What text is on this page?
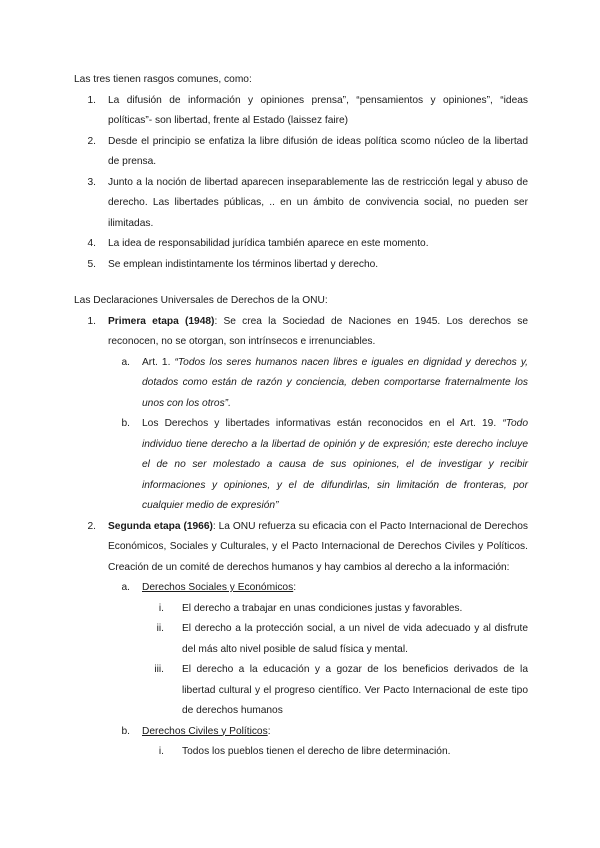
Las tres tienen rasgos comunes, como:

1. La difusión de información y opiniones prensa”, “pensamientos y opiniones”, “ideas políticas”- son libertad, frente al Estado (laissez faire)
2. Desde el principio se enfatiza la libre difusión de ideas política scomo núcleo de la libertad de prensa.
3. Junto a la noción de libertad aparecen inseparablemente las de restricción legal y abuso de derecho. Las libertades públicas, .. en un ámbito de convivencia social, no pueden ser ilimitadas.
4. La idea de responsabilidad jurídica también aparece en este momento.
5. Se emplean indistintamente los términos libertad y derecho.

Las Declaraciones Universales de Derechos de la ONU:

1. Primera etapa (1948): Se crea la Sociedad de Naciones en 1945. Los derechos se reconocen, no se otorgan, son intrínsecos e irrenunciables.
a. Art. 1. “Todos los seres humanos nacen libres e iguales en dignidad y derechos y, dotados como están de razón y conciencia, deben comportarse fraternalmente los unos con los otros”.
b. Los Derechos y libertades informativas están reconocidos en el Art. 19. “Todo individuo tiene derecho a la libertad de opinión y de expresión; este derecho incluye el de no ser molestado a causa de sus opiniones, el de investigar y recibir informaciones y opiniones, y el de difundirlas, sin limitación de fronteras, por cualquier medio de expresión”
2. Segunda etapa (1966): La ONU refuerza su eficacia con el Pacto Internacional de Derechos Económicos, Sociales y Culturales, y el Pacto Internacional de Derechos Civiles y Políticos. Creación de un comité de derechos humanos y hay cambios al derecho a la información:
a. Derechos Sociales y Económicos:
i. El derecho a trabajar en unas condiciones justas y favorables.
ii. El derecho a la protección social, a un nivel de vida adecuado y al disfrute del más alto nivel posible de salud física y mental.
iii. El derecho a la educación y a gozar de los beneficios derivados de la libertad cultural y el progreso científico. Ver Pacto Internacional de este tipo de derechos humanos
b. Derechos Civiles y Políticos:
i. Todos los pueblos tienen el derecho de libre determinación.
